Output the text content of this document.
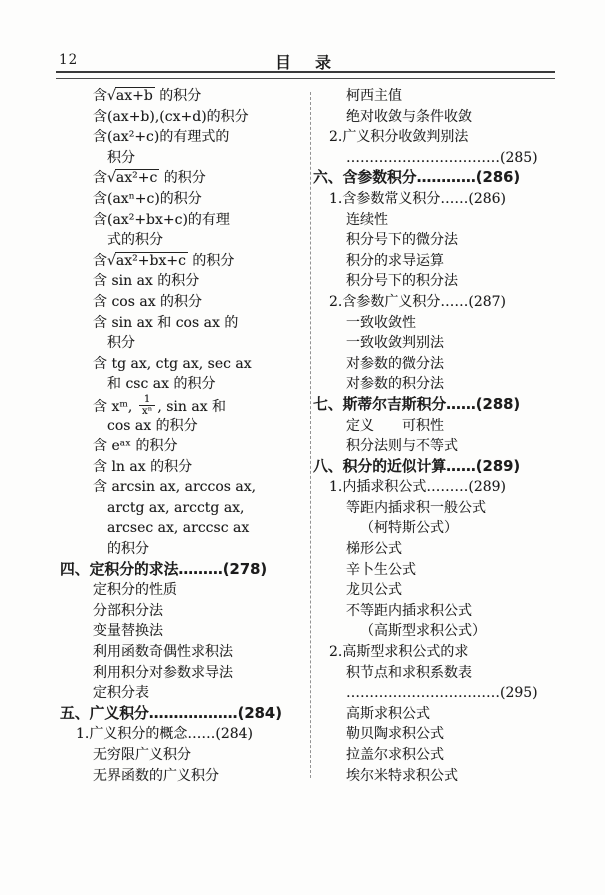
12	目　录
含√ax+b 的积分
含(ax+b),(cx+d)的积分
含(ax²+c)的有理式的
积分
含√ax²+c 的积分
含(axⁿ+c)的积分
含(ax²+bx+c)的有理
式的积分
含√ax²+bx+c 的积分
含 sin ax 的积分
含 cos ax 的积分
含 sin ax 和 cos ax 的
积分
含 tg ax, ctg ax, sec ax
和 csc ax 的积分
含 xᵐ, $\frac{1}{\text{xⁿ}}$ , sin ax 和
cos ax 的积分
含 eᵃˣ 的积分
含 ln ax 的积分
含 arcsin ax, arccos ax,
arctg ax, arcctg ax,
arcsec ax, arccsc ax
的积分
四、定积分的求法………(278)
定积分的性质
分部积分法
变量替换法
利用函数奇偶性求积法
利用积分对参数求导法
定积分表
五、广义积分………………(284)
1.广义积分的概念……(284)
无穷限广义积分
无界函数的广义积分
柯西主值
绝对收敛与条件收敛
2.广义积分收敛判别法
……………………………(285)
六、含参数积分…………(286)
1.含参数常义积分……(286)
连续性
积分号下的微分法
积分的求导运算
积分号下的积分法
2.含参数广义积分……(287)
一致收敛性
一致收敛判别法
对参数的微分法
对参数的积分法
七、斯蒂尔吉斯积分……(288)
定义　　可积性
积分法则与不等式
八、积分的近似计算……(289)
1.内插求积公式………(289)
等距内插求积一般公式
（柯特斯公式）
梯形公式
辛卜生公式
龙贝公式
不等距内插求积公式
（高斯型求积公式）
2.高斯型求积公式的求
积节点和求积系数表
……………………………(295)
高斯求积公式
勒贝陶求积公式
拉盖尔求积公式
埃尔米特求积公式
